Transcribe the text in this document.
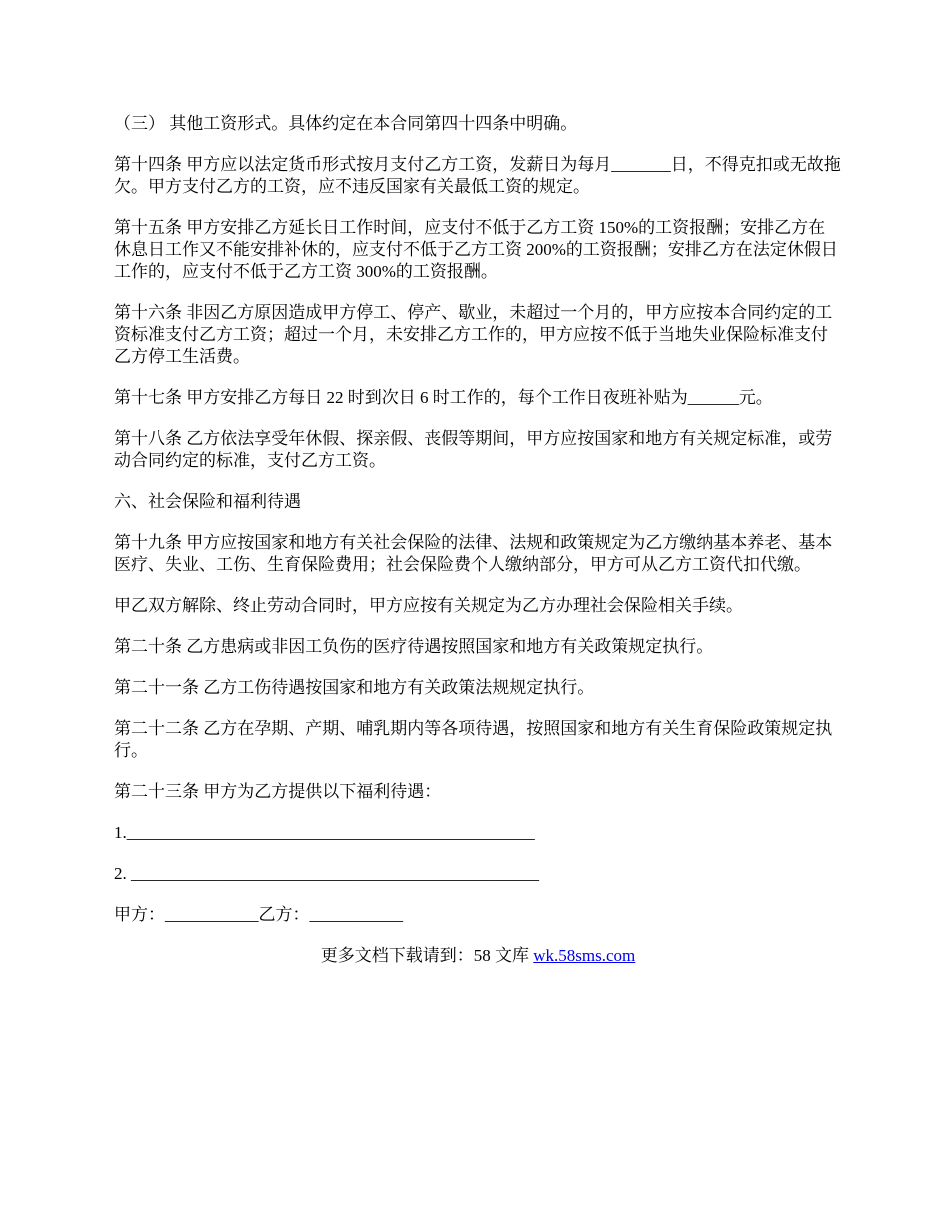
（三） 其他工资形式。具体约定在本合同第四十四条中明确。

第十四条 甲方应以法定货币形式按月支付乙方工资，发薪日为每月_______日，不得克扣或无故拖欠。甲方支付乙方的工资，应不违反国家有关最低工资的规定。

第十五条 甲方安排乙方延长日工作时间，应支付不低于乙方工资 150%的工资报酬；安排乙方在休息日工作又不能安排补休的，应支付不低于乙方工资 200%的工资报酬；安排乙方在法定休假日工作的，应支付不低于乙方工资 300%的工资报酬。

第十六条 非因乙方原因造成甲方停工、停产、歇业，未超过一个月的，甲方应按本合同约定的工资标准支付乙方工资；超过一个月，未安排乙方工作的，甲方应按不低于当地失业保险标准支付乙方停工生活费。

第十七条 甲方安排乙方每日 22 时到次日 6 时工作的，每个工作日夜班补贴为______元。

第十八条 乙方依法享受年休假、探亲假、丧假等期间，甲方应按国家和地方有关规定标准，或劳动合同约定的标准，支付乙方工资。

六、社会保险和福利待遇

第十九条 甲方应按国家和地方有关社会保险的法律、法规和政策规定为乙方缴纳基本养老、基本医疗、失业、工伤、生育保险费用；社会保险费个人缴纳部分，甲方可从乙方工资代扣代缴。

甲乙双方解除、终止劳动合同时，甲方应按有关规定为乙方办理社会保险相关手续。

第二十条 乙方患病或非因工负伤的医疗待遇按照国家和地方有关政策规定执行。

第二十一条 乙方工伤待遇按国家和地方有关政策法规规定执行。

第二十二条 乙方在孕期、产期、哺乳期内等各项待遇，按照国家和地方有关生育保险政策规定执行。

第二十三条 甲方为乙方提供以下福利待遇：

1.________________________________________________

2. ________________________________________________

甲方：___________乙方：___________

更多文档下载请到：58 文库 wk.58sms.com
